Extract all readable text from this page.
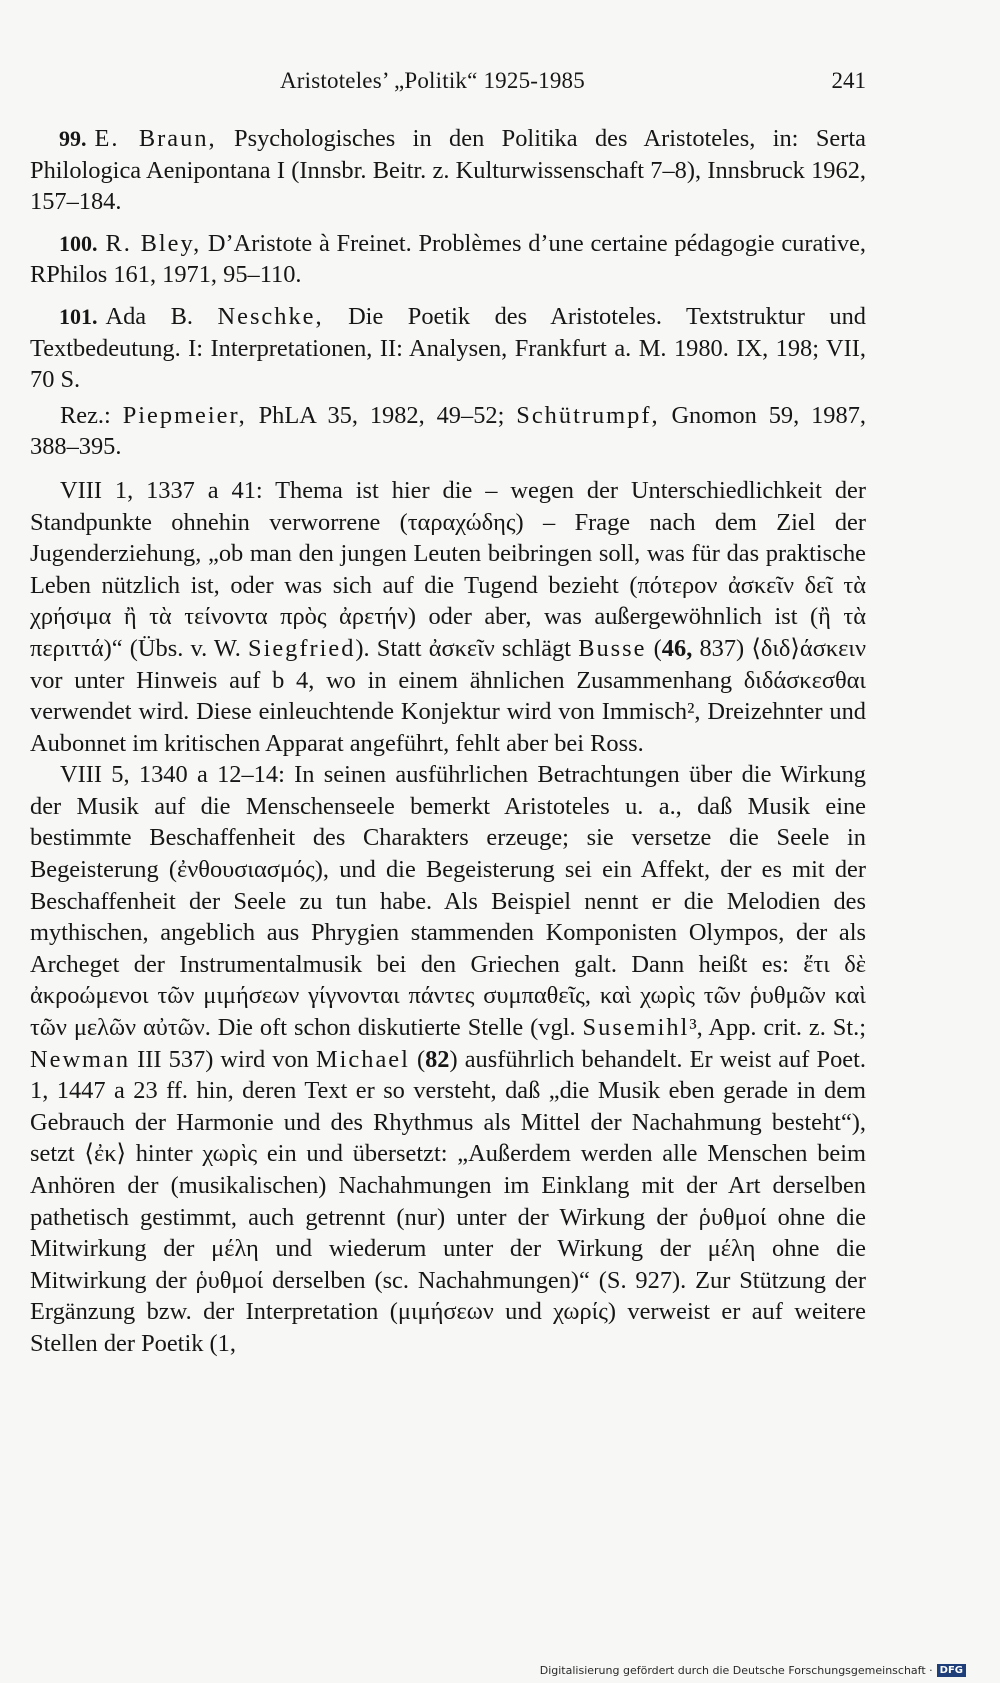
Aristoteles’ „Politik“ 1925-1985	241

99. E. Braun, Psychologisches in den Politika des Aristoteles, in: Serta Philologica Aenipontana I (Innsbr. Beitr. z. Kulturwissenschaft 7–8), Innsbruck 1962, 157–184.

100. R. Bley, D’Aristote à Freinet. Problèmes d’une certaine pédagogie curative, RPhilos 161, 1971, 95–110.

101. Ada B. Neschke, Die Poetik des Aristoteles. Textstruktur und Textbedeutung. I: Interpretationen, II: Analysen, Frankfurt a. M. 1980. IX, 198; VII, 70 S.

Rez.: Piepmeier, PhLA 35, 1982, 49–52; Schütrumpf, Gnomon 59, 1987, 388–395.

VIII 1, 1337 a 41: Thema ist hier die – wegen der Unterschiedlichkeit der Standpunkte ohnehin verworrene (ταραχώδης) – Frage nach dem Ziel der Jugenderziehung, „ob man den jungen Leuten beibringen soll, was für das praktische Leben nützlich ist, oder was sich auf die Tugend bezieht (πότερον ἀσκεῖν δεῖ τὰ χρήσιμα ἢ τὰ τείνοντα πρὸς ἀρετήν) oder aber, was außergewöhnlich ist (ἢ τὰ περιττά)“ (Übs. v. W. Siegfried). Statt ἀσκεῖν schlägt Busse (46, 837) ⟨διδ⟩άσκειν vor unter Hinweis auf b 4, wo in einem ähnlichen Zusammenhang διδάσκεσθαι verwendet wird. Diese einleuchtende Konjektur wird von Immisch², Dreizehnter und Aubonnet im kritischen Apparat angeführt, fehlt aber bei Ross.

VIII 5, 1340 a 12–14: In seinen ausführlichen Betrachtungen über die Wirkung der Musik auf die Menschenseele bemerkt Aristoteles u. a., daß Musik eine bestimmte Beschaffenheit des Charakters erzeuge; sie versetze die Seele in Begeisterung (ἐνθουσιασμός), und die Begeisterung sei ein Affekt, der es mit der Beschaffenheit der Seele zu tun habe. Als Beispiel nennt er die Melodien des mythischen, angeblich aus Phrygien stammenden Komponisten Olympos, der als Archeget der Instrumentalmusik bei den Griechen galt. Dann heißt es: ἔτι δὲ ἀκροώμενοι τῶν μιμήσεων γίγνονται πάντες συμπαθεῖς, καὶ χωρὶς τῶν ῥυθμῶν καὶ τῶν μελῶν αὐτῶν. Die oft schon diskutierte Stelle (vgl. Susemihl³, App. crit. z. St.; Newman III 537) wird von Michael (82) ausführlich behandelt. Er weist auf Poet. 1, 1447 a 23 ff. hin, deren Text er so versteht, daß „die Musik eben gerade in dem Gebrauch der Harmonie und des Rhythmus als Mittel der Nachahmung besteht“), setzt ⟨ἐκ⟩ hinter χωρὶς ein und übersetzt: „Außerdem werden alle Menschen beim Anhören der (musikalischen) Nachahmungen im Einklang mit der Art derselben pathetisch gestimmt, auch getrennt (nur) unter der Wirkung der ῥυθμοί ohne die Mitwirkung der μέλη und wiederum unter der Wirkung der μέλη ohne die Mitwirkung der ῥυθμοί derselben (sc. Nachahmungen)“ (S. 927). Zur Stützung der Ergänzung bzw. der Interpretation (μιμήσεων und χωρίς) verweist er auf weitere Stellen der Poetik (1,

Digitalisierung gefördert durch die Deutsche Forschungsgemeinschaft · DFG
